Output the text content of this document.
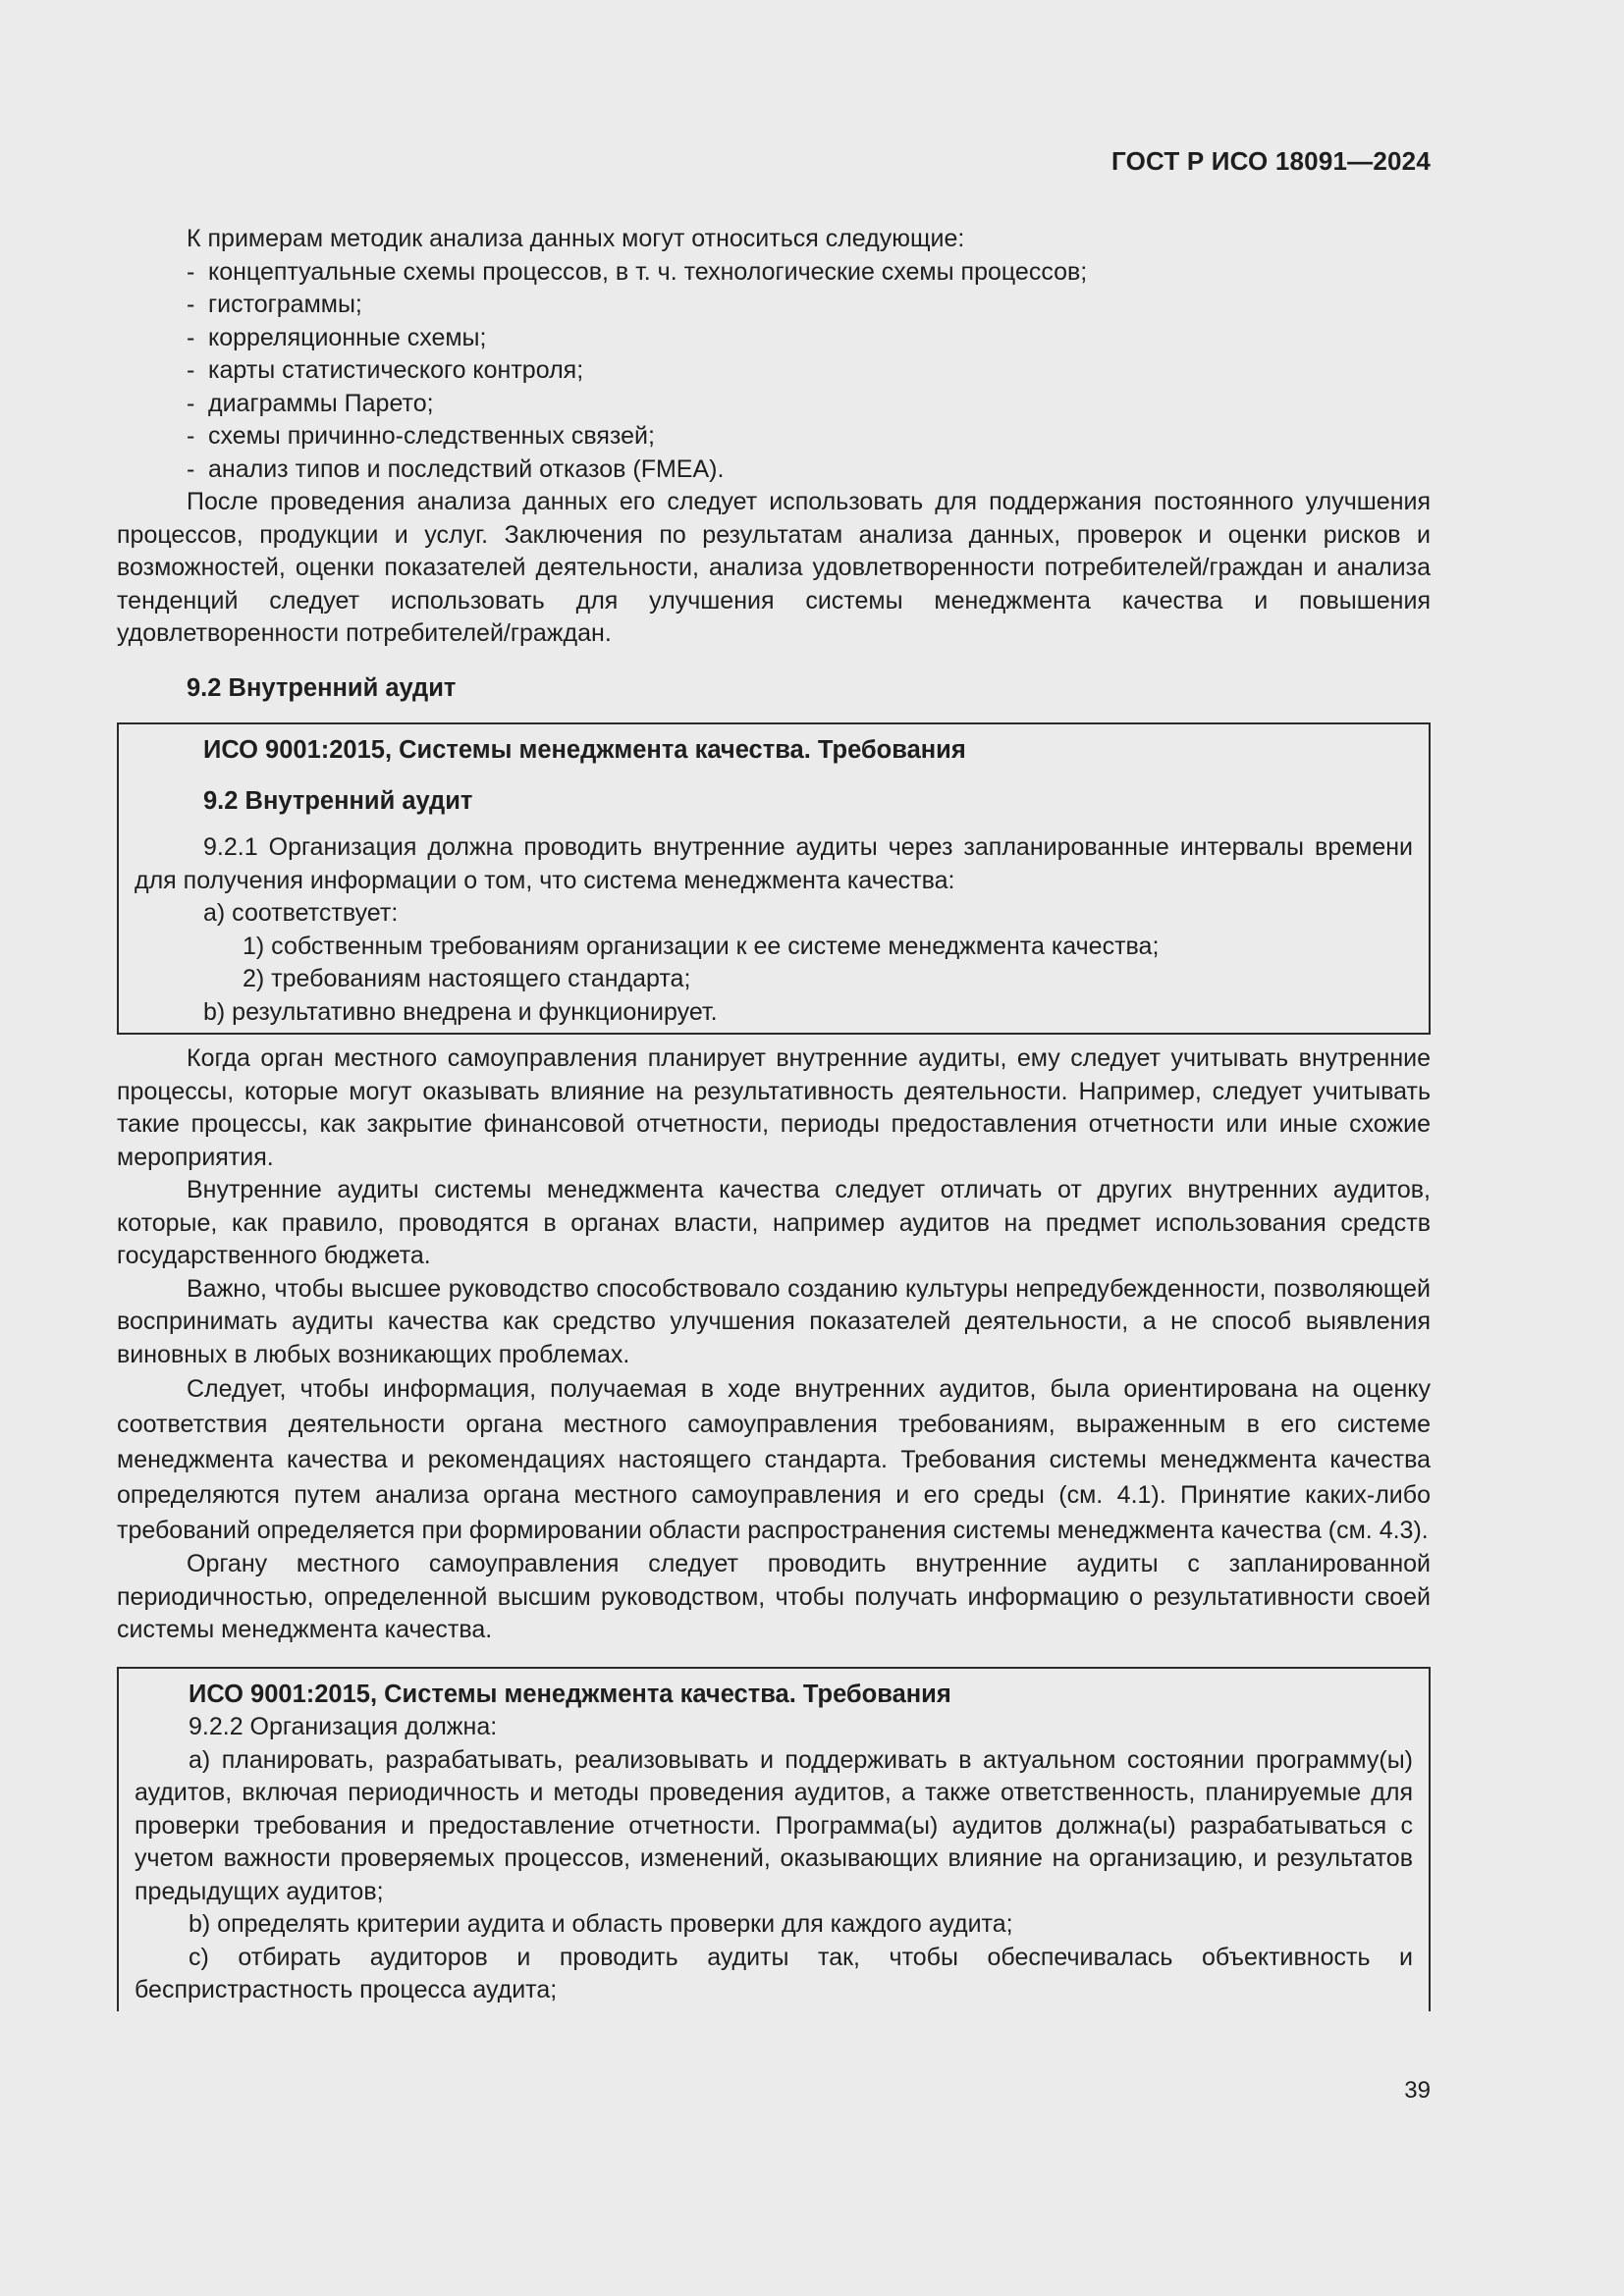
ГОСТ Р ИСО 18091—2024

К примерам методик анализа данных могут относиться следующие:

- концептуальные схемы процессов, в т. ч. технологические схемы процессов;
- гистограммы;
- корреляционные схемы;
- карты статистического контроля;
- диаграммы Парето;
- схемы причинно-следственных связей;
- анализ типов и последствий отказов (FMEA).

После проведения анализа данных его следует использовать для поддержания постоянного улучшения процессов, продукции и услуг. Заключения по результатам анализа данных, проверок и оценки рисков и возможностей, оценки показателей деятельности, анализа удовлетворенности потребителей/граждан и анализа тенденций следует использовать для улучшения системы менеджмента качества и повышения удовлетворенности потребителей/граждан.

9.2 Внутренний аудит
ИСО 9001:2015, Системы менеджмента качества. Требования
9.2 Внутренний аудит

9.2.1 Организация должна проводить внутренние аудиты через запланированные интервалы времени для получения информации о том, что система менеджмента качества:

a) соответствует:
1) собственным требованиям организации к ее системе менеджмента качества;
2) требованиям настоящего стандарта;
b) результативно внедрена и функционирует.

Когда орган местного самоуправления планирует внутренние аудиты, ему следует учитывать внутренние процессы, которые могут оказывать влияние на результативность деятельности. Например, следует учитывать такие процессы, как закрытие финансовой отчетности, периоды предоставления отчетности или иные схожие мероприятия.

Внутренние аудиты системы менеджмента качества следует отличать от других внутренних аудитов, которые, как правило, проводятся в органах власти, например аудитов на предмет использования средств государственного бюджета.

Важно, чтобы высшее руководство способствовало созданию культуры непредубежденности, позволяющей воспринимать аудиты качества как средство улучшения показателей деятельности, а не способ выявления виновных в любых возникающих проблемах.

Следует, чтобы информация, получаемая в ходе внутренних аудитов, была ориентирована на оценку соответствия деятельности органа местного самоуправления требованиям, выраженным в его системе менеджмента качества и рекомендациях настоящего стандарта. Требования системы менеджмента качества определяются путем анализа органа местного самоуправления и его среды (см. 4.1). Принятие каких-либо требований определяется при формировании области распространения системы менеджмента качества (см. 4.3).

Органу местного самоуправления следует проводить внутренние аудиты с запланированной периодичностью, определенной высшим руководством, чтобы получать информацию о результативности своей системы менеджмента качества.

ИСО 9001:2015, Системы менеджмента качества. Требования
9.2.2 Организация должна:

a) планировать, разрабатывать, реализовывать и поддерживать в актуальном состоянии программу(ы) аудитов, включая периодичность и методы проведения аудитов, а также ответственность, планируемые для проверки требования и предоставление отчетности. Программа(ы) аудитов должна(ы) разрабатываться с учетом важности проверяемых процессов, изменений, оказывающих влияние на организацию, и результатов предыдущих аудитов;

b) определять критерии аудита и область проверки для каждого аудита;

c) отбирать аудиторов и проводить аудиты так, чтобы обеспечивалась объективность и беспристрастность процесса аудита;

39
